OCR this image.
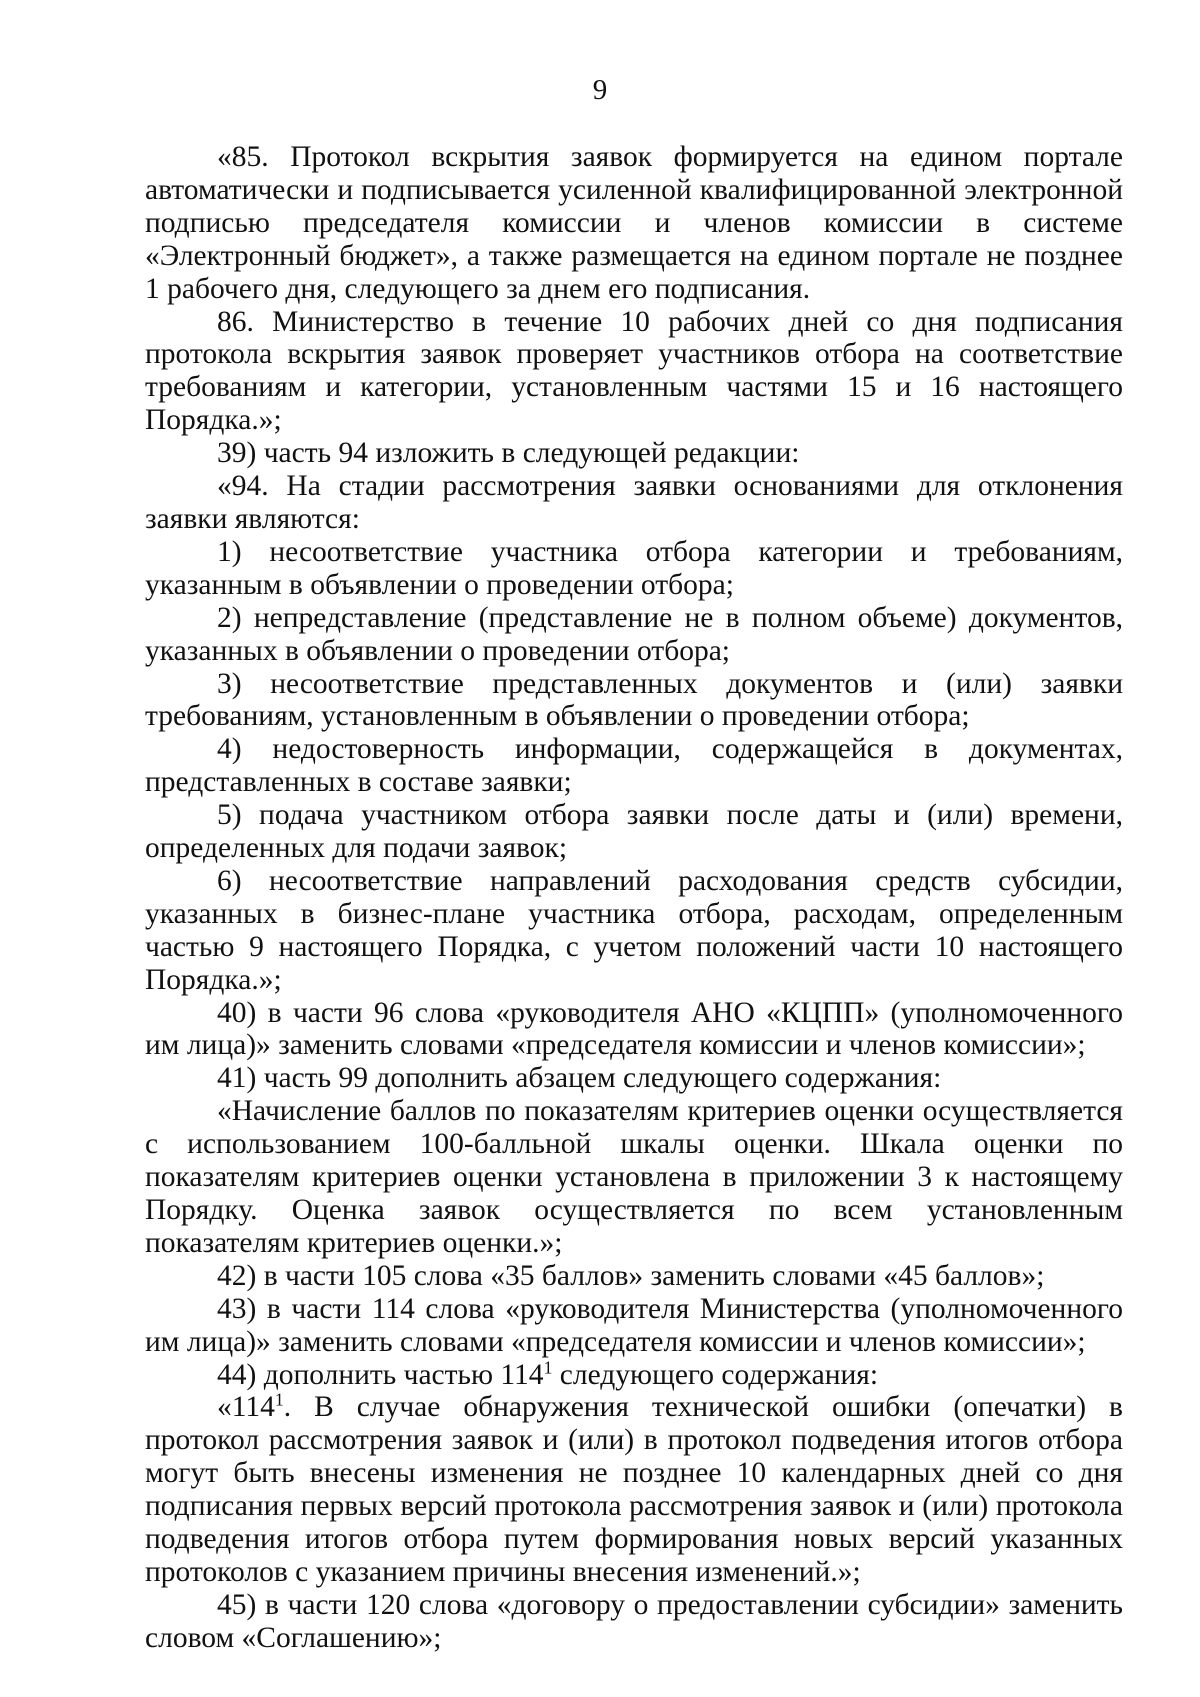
9

«85. Протокол вскрытия заявок формируется на едином портале автоматически и подписывается усиленной квалифицированной электронной подписью председателя комиссии и членов комиссии в системе «Электронный бюджет», а также размещается на едином портале не позднее 1 рабочего дня, следующего за днем его подписания.

86. Министерство в течение 10 рабочих дней со дня подписания протокола вскрытия заявок проверяет участников отбора на соответствие требованиям и категории, установленным частями 15 и 16 настоящего Порядка.»;

39) часть 94 изложить в следующей редакции:

«94. На стадии рассмотрения заявки основаниями для отклонения заявки являются:

1) несоответствие участника отбора категории и требованиям, указанным в объявлении о проведении отбора;

2) непредставление (представление не в полном объеме) документов, указанных в объявлении о проведении отбора;

3) несоответствие представленных документов и (или) заявки требованиям, установленным в объявлении о проведении отбора;

4) недостоверность информации, содержащейся в документах, представленных в составе заявки;

5) подача участником отбора заявки после даты и (или) времени, определенных для подачи заявок;

6) несоответствие направлений расходования средств субсидии, указанных в бизнес-плане участника отбора, расходам, определенным частью 9 настоящего Порядка, с учетом положений части 10 настоящего Порядка.»;

40) в части 96 слова «руководителя АНО «КЦПП» (уполномоченного им лица)» заменить словами «председателя комиссии и членов комиссии»;

41) часть 99 дополнить абзацем следующего содержания:

«Начисление баллов по показателям критериев оценки осуществляется с использованием 100-балльной шкалы оценки. Шкала оценки по показателям критериев оценки установлена в приложении 3 к настоящему Порядку. Оценка заявок осуществляется по всем установленным показателям критериев оценки.»;

42) в части 105 слова «35 баллов» заменить словами «45 баллов»;

43) в части 114 слова «руководителя Министерства (уполномоченного им лица)» заменить словами «председателя комиссии и членов комиссии»;

44) дополнить частью $114^1$ следующего содержания:

«$114^1$. В случае обнаружения технической ошибки (опечатки) в протокол рассмотрения заявок и (или) в протокол подведения итогов отбора могут быть внесены изменения не позднее 10 календарных дней со дня подписания первых версий протокола рассмотрения заявок и (или) протокола подведения итогов отбора путем формирования новых версий указанных протоколов с указанием причины внесения изменений.»;

45) в части 120 слова «договору о предоставлении субсидии» заменить словом «Соглашению»;
